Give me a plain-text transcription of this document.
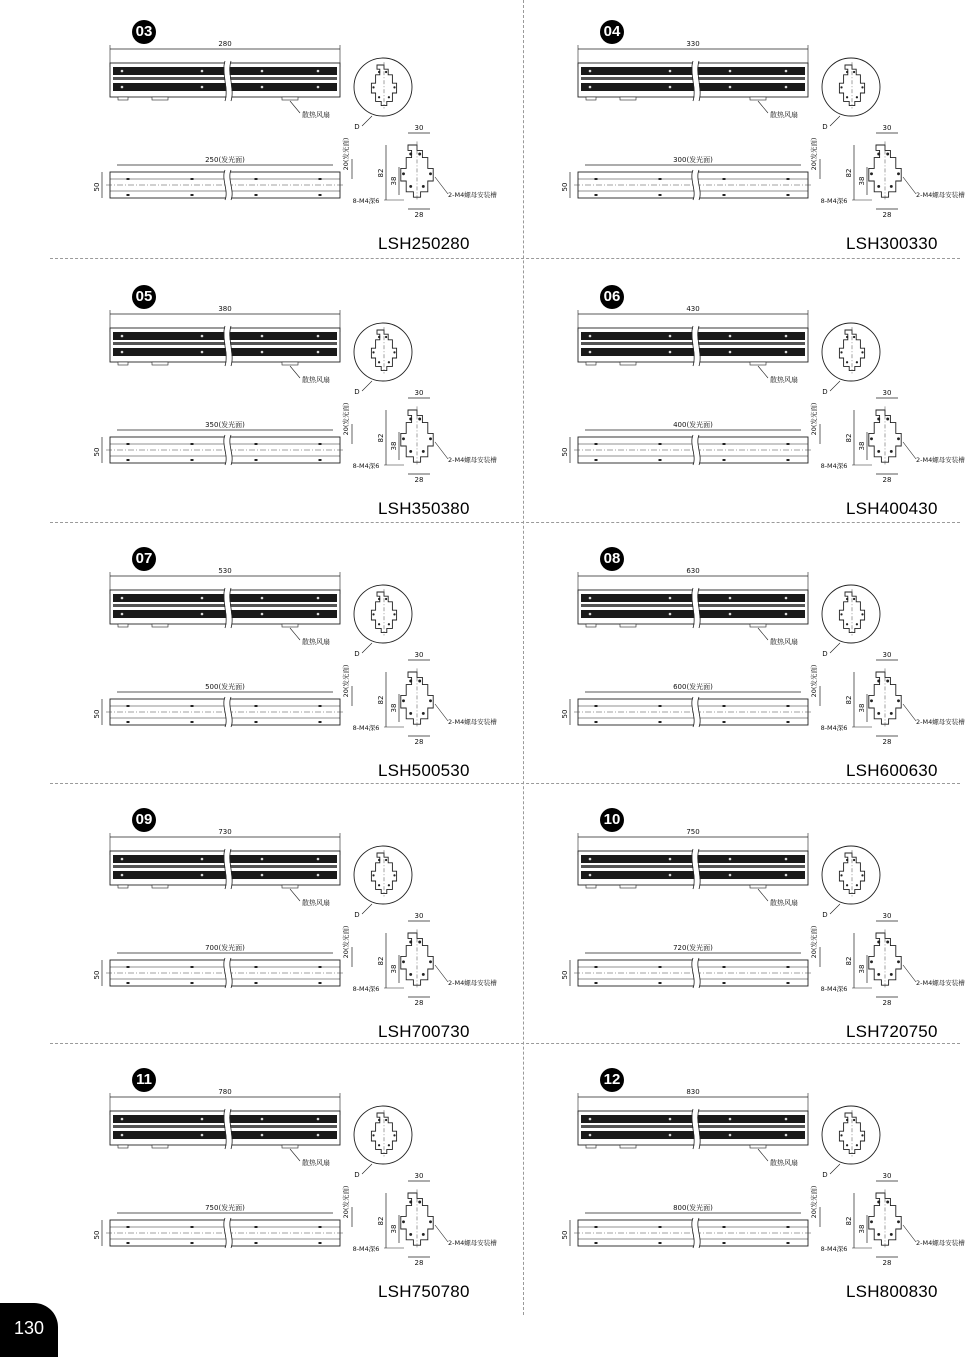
03
LSH250280
280
散热风扇
D
250(发光面)
50
20(发光面)
30
82
38
28
2-M4螺母安装槽
8-M4深6
04
LSH300330
330
散热风扇
D
300(发光面)
50
20(发光面)
30
82
38
28
2-M4螺母安装槽
8-M4深6
05
LSH350380
380
散热风扇
D
350(发光面)
50
20(发光面)
30
82
38
28
2-M4螺母安装槽
8-M4深6
06
LSH400430
430
散热风扇
D
400(发光面)
50
20(发光面)
30
82
38
28
2-M4螺母安装槽
8-M4深6
07
LSH500530
530
散热风扇
D
500(发光面)
50
20(发光面)
30
82
38
28
2-M4螺母安装槽
8-M4深6
08
LSH600630
630
散热风扇
D
600(发光面)
50
20(发光面)
30
82
38
28
2-M4螺母安装槽
8-M4深6
09
LSH700730
730
散热风扇
D
700(发光面)
50
20(发光面)
30
82
38
28
2-M4螺母安装槽
8-M4深6
10
LSH720750
750
散热风扇
D
720(发光面)
50
20(发光面)
30
82
38
28
2-M4螺母安装槽
8-M4深6
11
LSH750780
780
散热风扇
D
750(发光面)
50
20(发光面)
30
82
38
28
2-M4螺母安装槽
8-M4深6
12
LSH800830
830
散热风扇
D
800(发光面)
50
20(发光面)
30
82
38
28
2-M4螺母安装槽
8-M4深6
130
